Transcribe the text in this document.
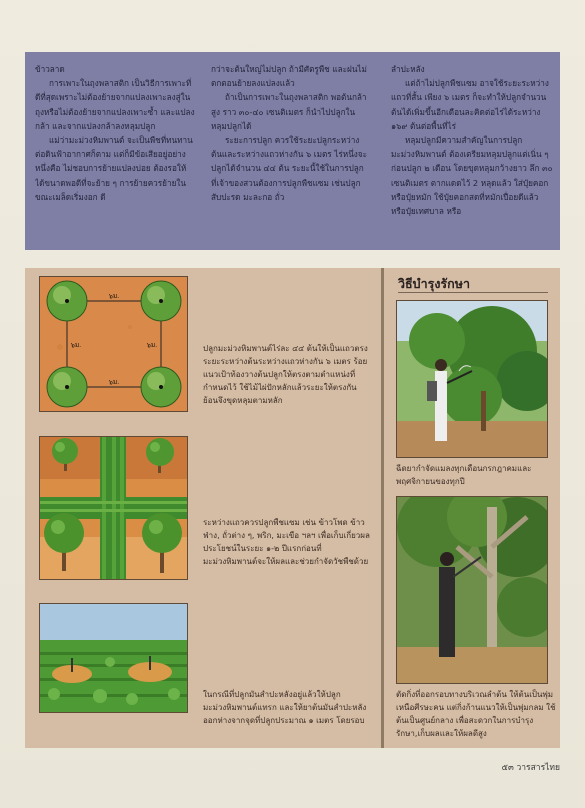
ข้าวลาด

การเพาะในถุงพลาสติก เป็นวิธีการเพาะที่ดีที่สุดเพราะไม่ต้องย้ายจากแปลงเพาะลงสู่ในถุงหรือไม่ต้องย้ายจากแปลงเพาะซ้ำ และแปลงกล้า และจากแปลงกล้าลงหลุมปลูก

แม่ว่ามะม่วงหิมพานต์ จะเป็นพืชที่ทนทานต่อดินฟ้าอากาศก็ตาม แต่ก็มีข้อเสียอยู่อย่างหนึ่งคือ ไม่ชอบการย้ายแปลงบ่อย ต้องรอให้ได้ขนาดพอดีที่จะย้าย ๆ การย้ายควรย้ายในขณะเมล็ดเริ่มงอก ดี

กว่าจะต้นใหญ่ไม่ปลูก ถ้ามีศัตรูพืช และฝนไม่ตกตอนย้ายลงแปลงแล้ว

ถ้าเป็นการเพาะในถุงพลาสติก พอต้นกล้าสูง ราว ๓๐-๔๐ เซนติเมตร ก็นำไปปลูกในหลุมปลูกได้

ระยะการปลูก ควรใช้ระยะปลูกระหว่างต้นและระหว่างแถวห่างกัน ๖ เมตร ไร่หนึ่งจะปลูกได้จำนวน ๔๔ ต้น ระยะนี้ใช้ในการปลูกที่เจ้าของสวนต้องการปลูกพืชแซม เช่นปลูกสับปะรด มะละกอ ถั่ว

ลำปะหลัง

แต่ถ้าไม่ปลูกพืชแซม อาจใช้ระยะระหว่างแถวที่สั้น เพียง ๖ เมตร ก็จะทำให้ปลูกจำนวนต้นได้เพิ่มขึ้นอีกเดือนละคิดต่อไร่ได้ระหว่าง ๑๖๙ ต้นต่อพื้นที่ไร่

หลุมปลูกมีความสำคัญในการปลูกมะม่วงหิมพานต์ ต้องเตรียมหลุมปลูกแต่เนิ่น ๆ ก่อนปลูก ๒ เดือน โดยขุดหลุมกว้างยาว ลึก ๓๐ เซนติเมตร ตากแดดไว้ 2 หลุดแล้ว ใส่ปุ๋ยคอกหรือปุ๋ยหมัก ใช้ปุ๋ยคอกสดที่หมักเปื่อยดีแล้ว หรือปุ๋ยเทศบาล หรือ

๖ม.
๖ม.
๖ม.	๖ม.	ปลูกมะม่วงหิมพานต์ไร่ละ ๔๔ ต้นให้เป็นแถวตรงระยะระหว่างต้นระหว่างแถวห่างกัน ๖ เมตร ร้อยแนวเป้าท้องวางต้นปลูกให้ตรงตามตำแหน่งที่กำหนดไว้ ใช้ไม้ไผ่ปักหลักแล้วระยะให้ตรงกัน ย้อนจึงขุดหลุมตามหลัก

ระหว่างแถวควรปลูกพืชแซม เช่น ข้าวโพด ข้าวฟ่าง, ถั่วต่าง ๆ, พริก, มะเขือ ฯลฯ เพื่อเก็บเกี่ยวผลประโยชน์ในระยะ ๑-๒ ปีแรกก่อนที่มะม่วงหิมพานต์จะให้ผลและช่วยกำจัดวัชพืชด้วย

ในกรณีที่ปลูกมันสำปะหลังอยู่แล้วให้ปลูกมะม่วงหิมพานต์แทรก และให้ยาต้นมันสำปะหลังออกห่างจากจุดที่ปลูกประมาณ ๑ เมตร โดยรอบ

วิธีบำรุงรักษา

ฉีดยากำจัดแมลงทุกเดือนกรกฎาคมและพฤศจิกายนของทุกปี

ตัดกิ่งที่ออกรอบทางบริเวณลำต้น ให้ต้นเป็นพุ่มเหนือศีรษะคน แต่กิ่งก้านแนวให้เป็นพุ่มกลม ใช้ต้นเป็นศูนย์กลาง เพื่อสะดวกในการบำรุงรักษา,เก็บผลและให้ผลดีสูง

๕๓ วารสารไทย
